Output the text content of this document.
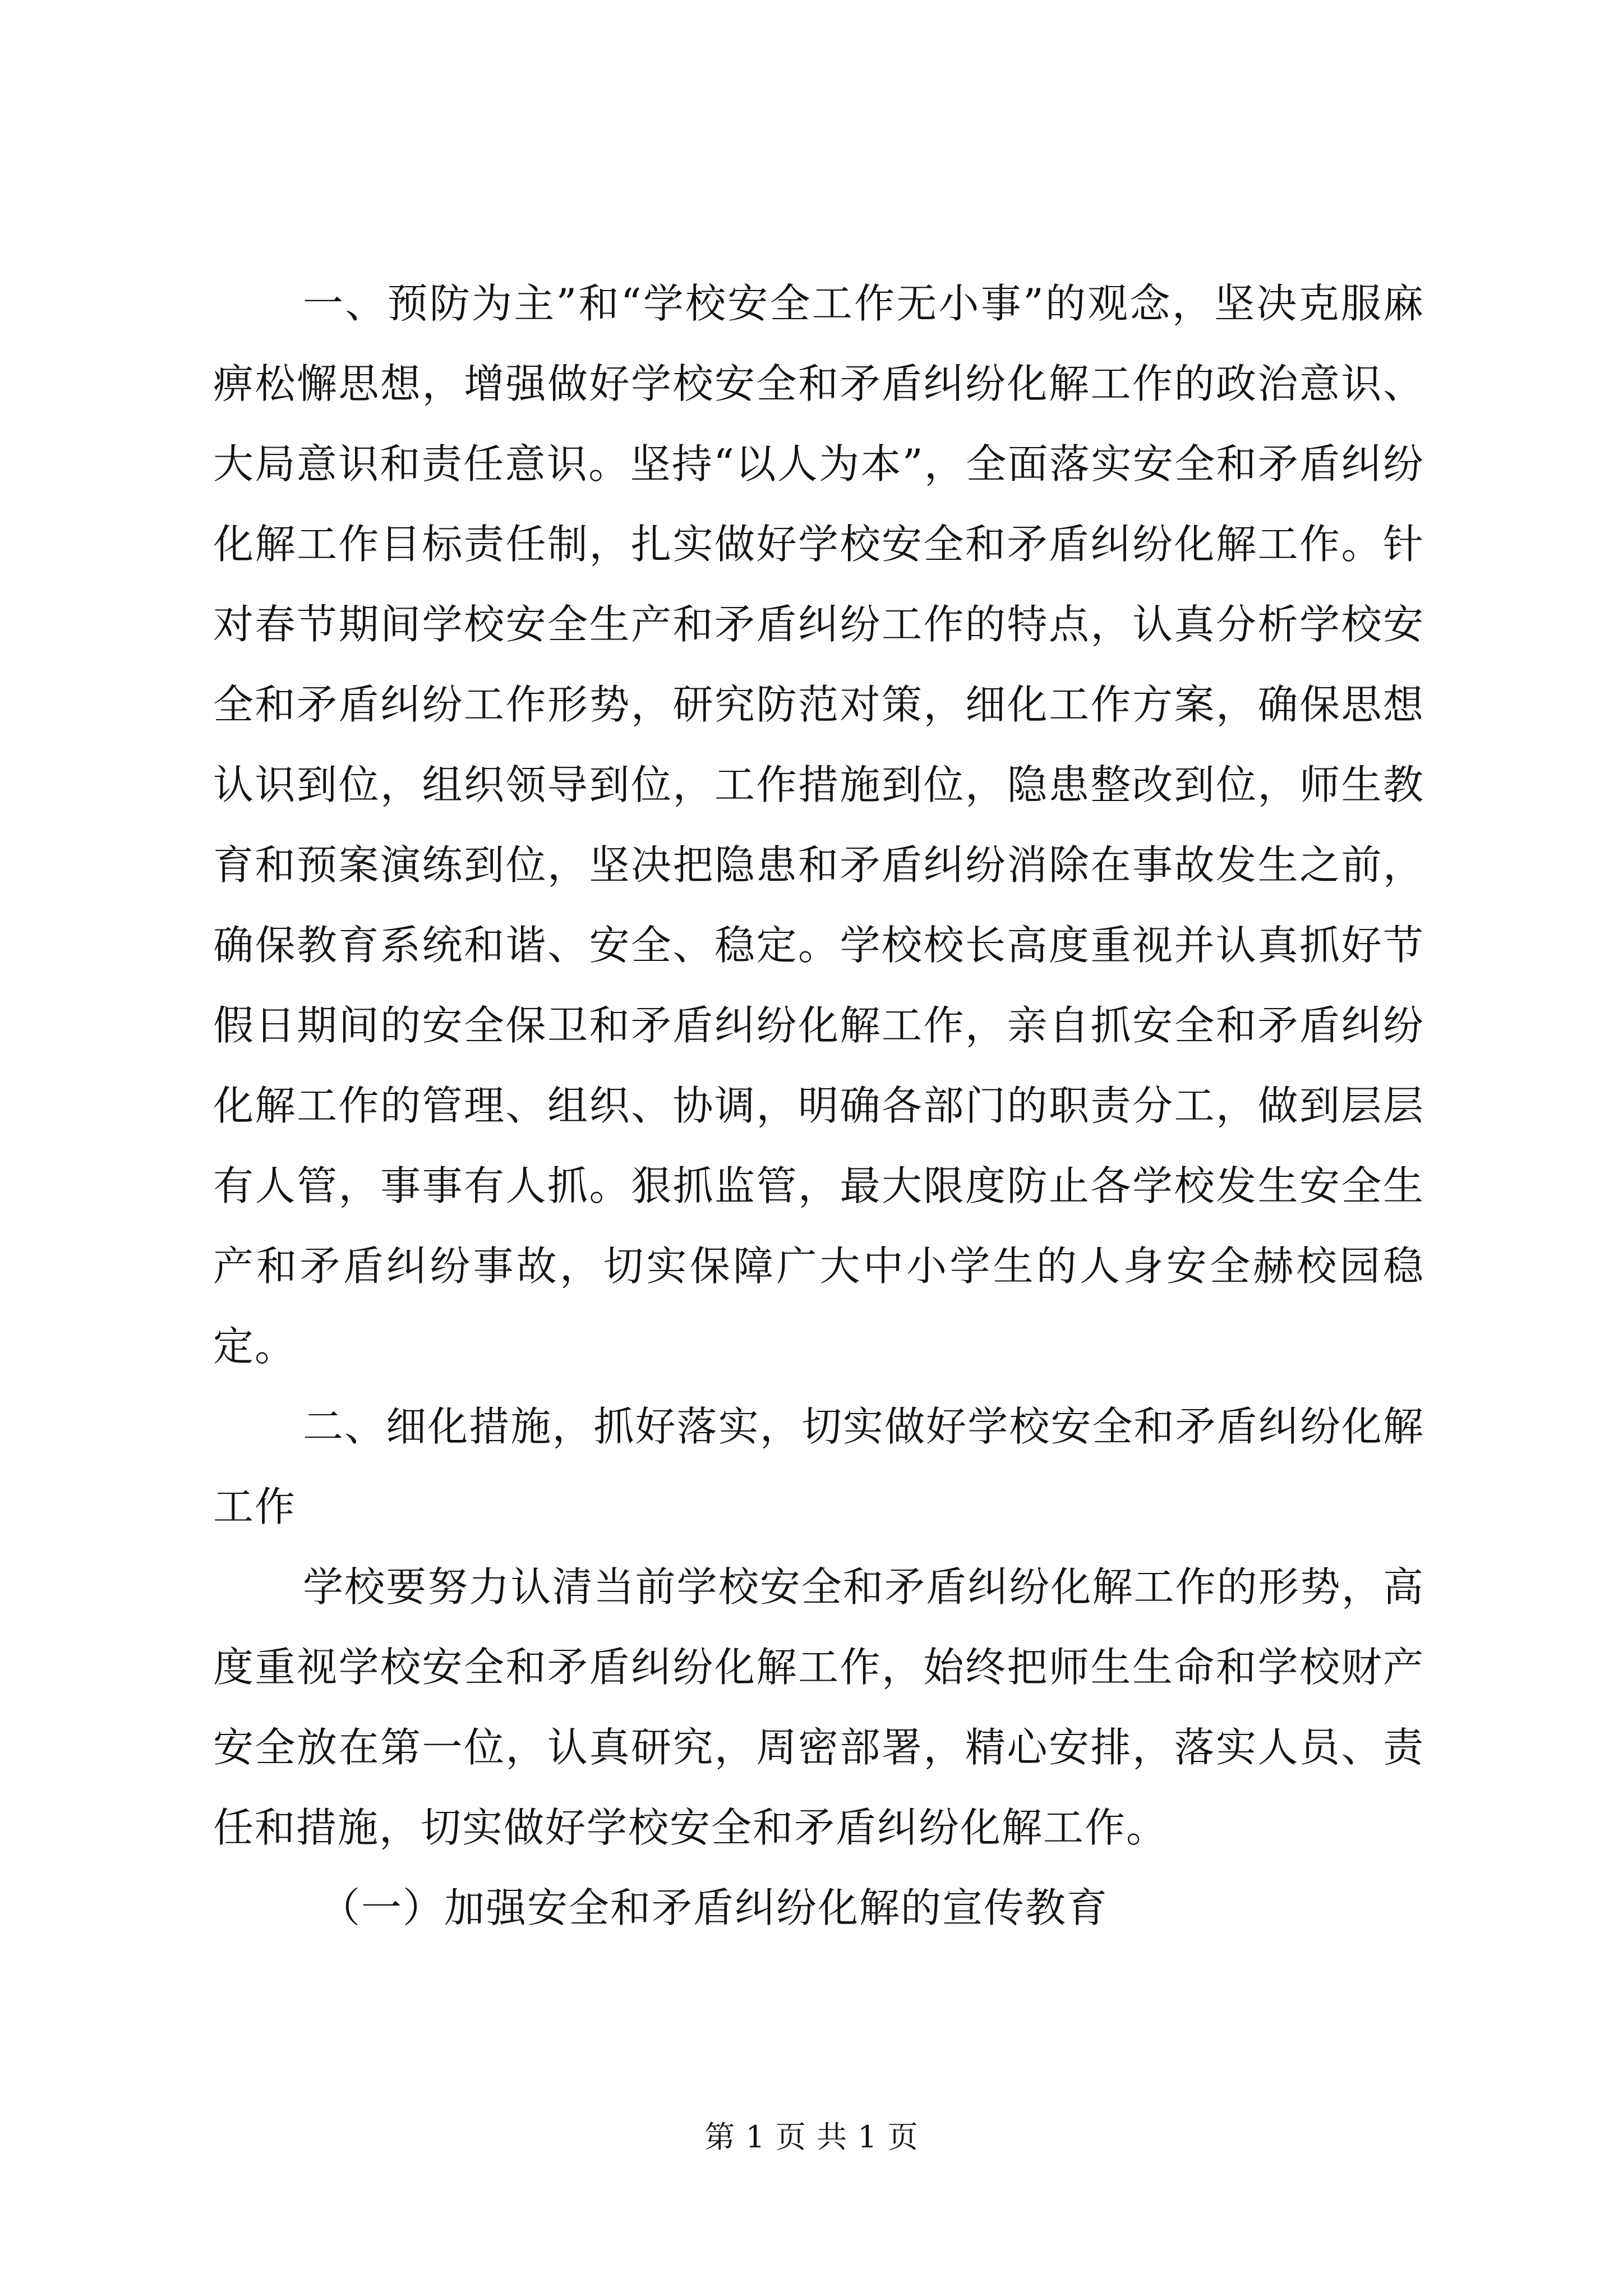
一、预防为主”和“学校安全工作无小事”的观念，坚决克服麻痹松懈思想，增强做好学校安全和矛盾纠纷化解工作的政治意识、大局意识和责任意识。坚持“以人为本”，全面落实安全和矛盾纠纷化解工作目标责任制，扎实做好学校安全和矛盾纠纷化解工作。针对春节期间学校安全生产和矛盾纠纷工作的特点，认真分析学校安全和矛盾纠纷工作形势，研究防范对策，细化工作方案，确保思想认识到位，组织领导到位，工作措施到位，隐患整改到位，师生教育和预案演练到位，坚决把隐患和矛盾纠纷消除在事故发生之前，确保教育系统和谐、安全、稳定。学校校长高度重视并认真抓好节假日期间的安全保卫和矛盾纠纷化解工作，亲自抓安全和矛盾纠纷化解工作的管理、组织、协调，明确各部门的职责分工，做到层层有人管，事事有人抓。狠抓监管，最大限度防止各学校发生安全生产和矛盾纠纷事故，切实保障广大中小学生的人身安全赫校园稳定。

二、细化措施，抓好落实，切实做好学校安全和矛盾纠纷化解工作

学校要努力认清当前学校安全和矛盾纠纷化解工作的形势，高度重视学校安全和矛盾纠纷化解工作，始终把师生生命和学校财产安全放在第一位，认真研究，周密部署，精心安排，落实人员、责任和措施，切实做好学校安全和矛盾纠纷化解工作。

（一）加强安全和矛盾纠纷化解的宣传教育

第 1 页 共 1 页
